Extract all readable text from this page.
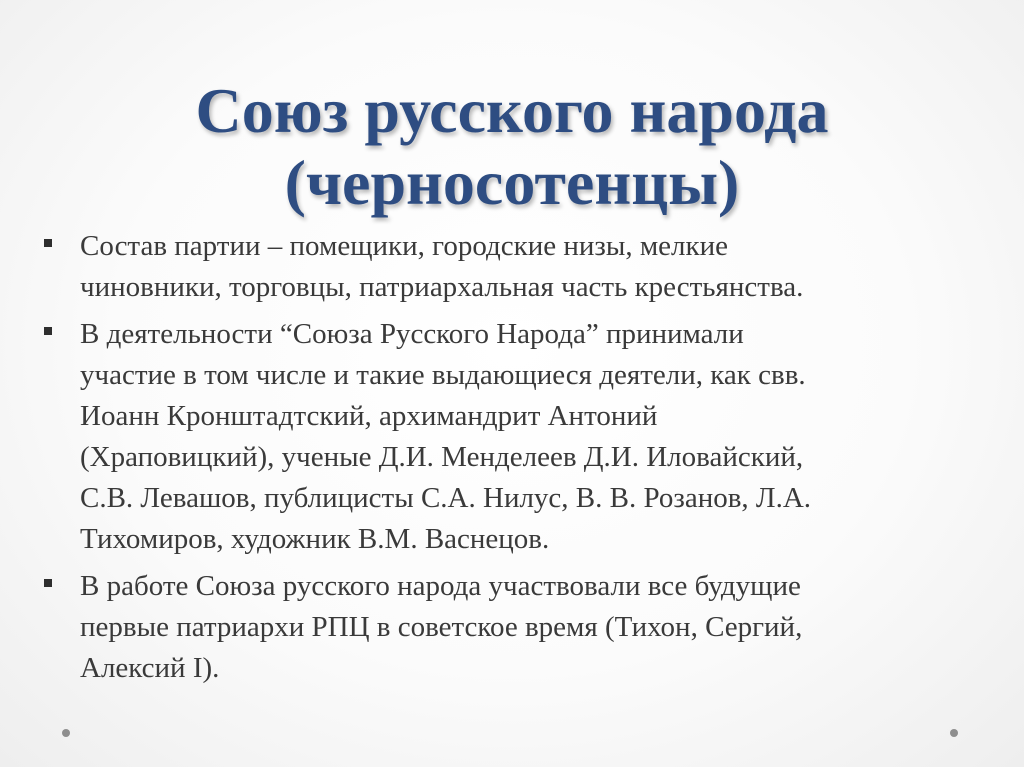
Союз русского народа
(черносотенцы)
Состав партии – помещики, городские низы, мелкие
чиновники, торговцы, патриархальная часть крестьянства.
В деятельности “Союза Русского Народа” принимали
участие в том числе и такие выдающиеся деятели, как свв.
Иоанн Кронштадтский, архимандрит Антоний
(Храповицкий), ученые Д.И. Менделеев Д.И. Иловайский,
С.В. Левашов, публицисты С.А. Нилус, В. В. Розанов, Л.А.
Тихомиров, художник В.М. Васнецов.
В работе Союза русского народа участвовали все будущие
первые патриархи РПЦ в советское время (Тихон, Сергий,
Алексий I).
